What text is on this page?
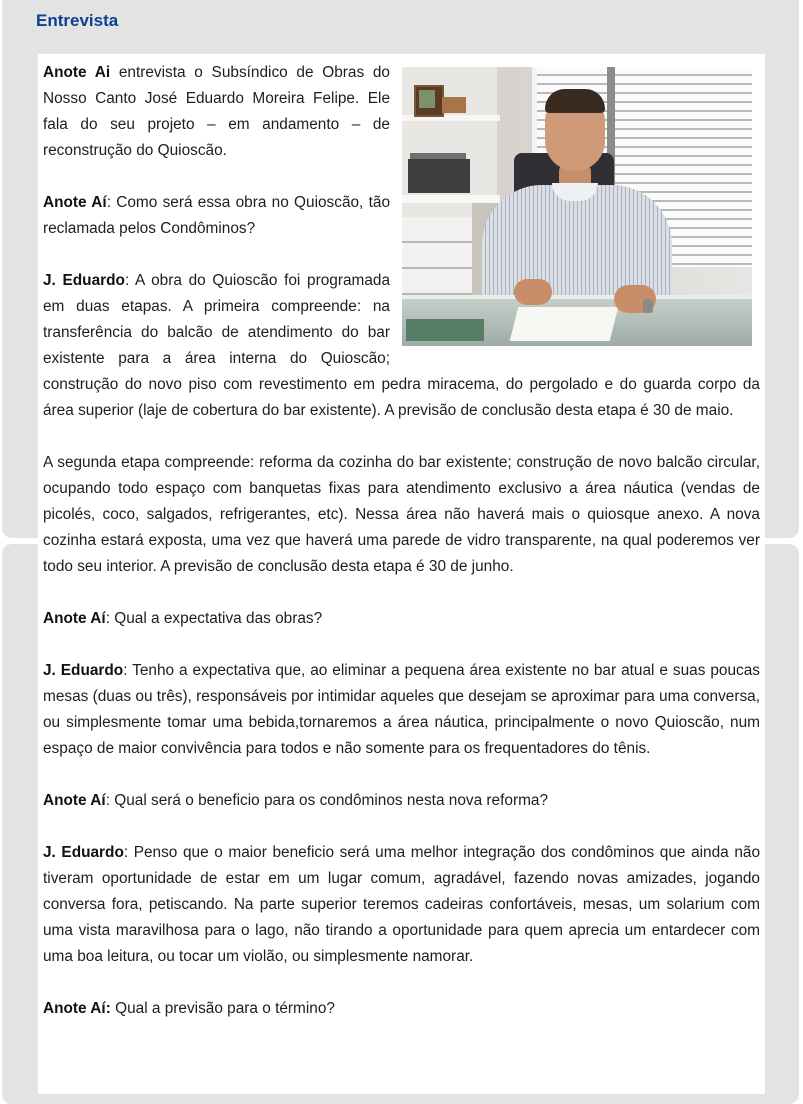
Entrevista

Anote Ai entrevista o Subsíndico de Obras do Nosso Canto José Eduardo Moreira Felipe. Ele fala do seu projeto – em andamento – de reconstrução do Quioscão.

Anote Aí: Como será essa obra no Quioscão, tão reclamada pelos Condôminos?

J. Eduardo: A obra do Quioscão foi programada em duas etapas. A primeira compreende: na transferência do balcão de atendimento do bar existente para a área interna do Quioscão; construção do novo piso com revestimento em pedra miracema, do pergolado e do guarda corpo da área superior (laje de cobertura do bar existente). A previsão de conclusão desta etapa é 30 de maio.

A segunda etapa compreende: reforma da cozinha do bar existente; construção de novo balcão circular, ocupando todo espaço com banquetas fixas para atendimento exclusivo a área náutica (vendas de picolés, coco, salgados, refrigerantes, etc). Nessa área não haverá mais o quiosque anexo. A nova cozinha estará exposta, uma vez que haverá uma parede de vidro transparente, na qual poderemos ver todo seu interior. A previsão de conclusão desta etapa é 30 de junho.

Anote Aí: Qual a expectativa das obras?

J. Eduardo: Tenho a expectativa que, ao eliminar a pequena área existente no bar atual e suas poucas mesas (duas ou três), responsáveis por intimidar aqueles que desejam se aproximar para uma conversa, ou simplesmente tomar uma bebida,tornaremos a área náutica, principalmente o novo Quioscão, num espaço de maior convivência para todos e não somente para os frequentadores do tênis.

Anote Aí: Qual será o beneficio para os condôminos nesta nova reforma?

J. Eduardo: Penso que o maior beneficio será uma melhor integração dos condôminos que ainda não tiveram oportunidade de estar em um lugar comum, agradável, fazendo novas amizades, jogando conversa fora, petiscando. Na parte superior teremos cadeiras confortáveis, mesas, um solarium com uma vista maravilhosa para o lago, não tirando a oportunidade para quem aprecia um entardecer com uma boa leitura, ou tocar um violão, ou simplesmente namorar.

Anote Aí: Qual a previsão para o término?
